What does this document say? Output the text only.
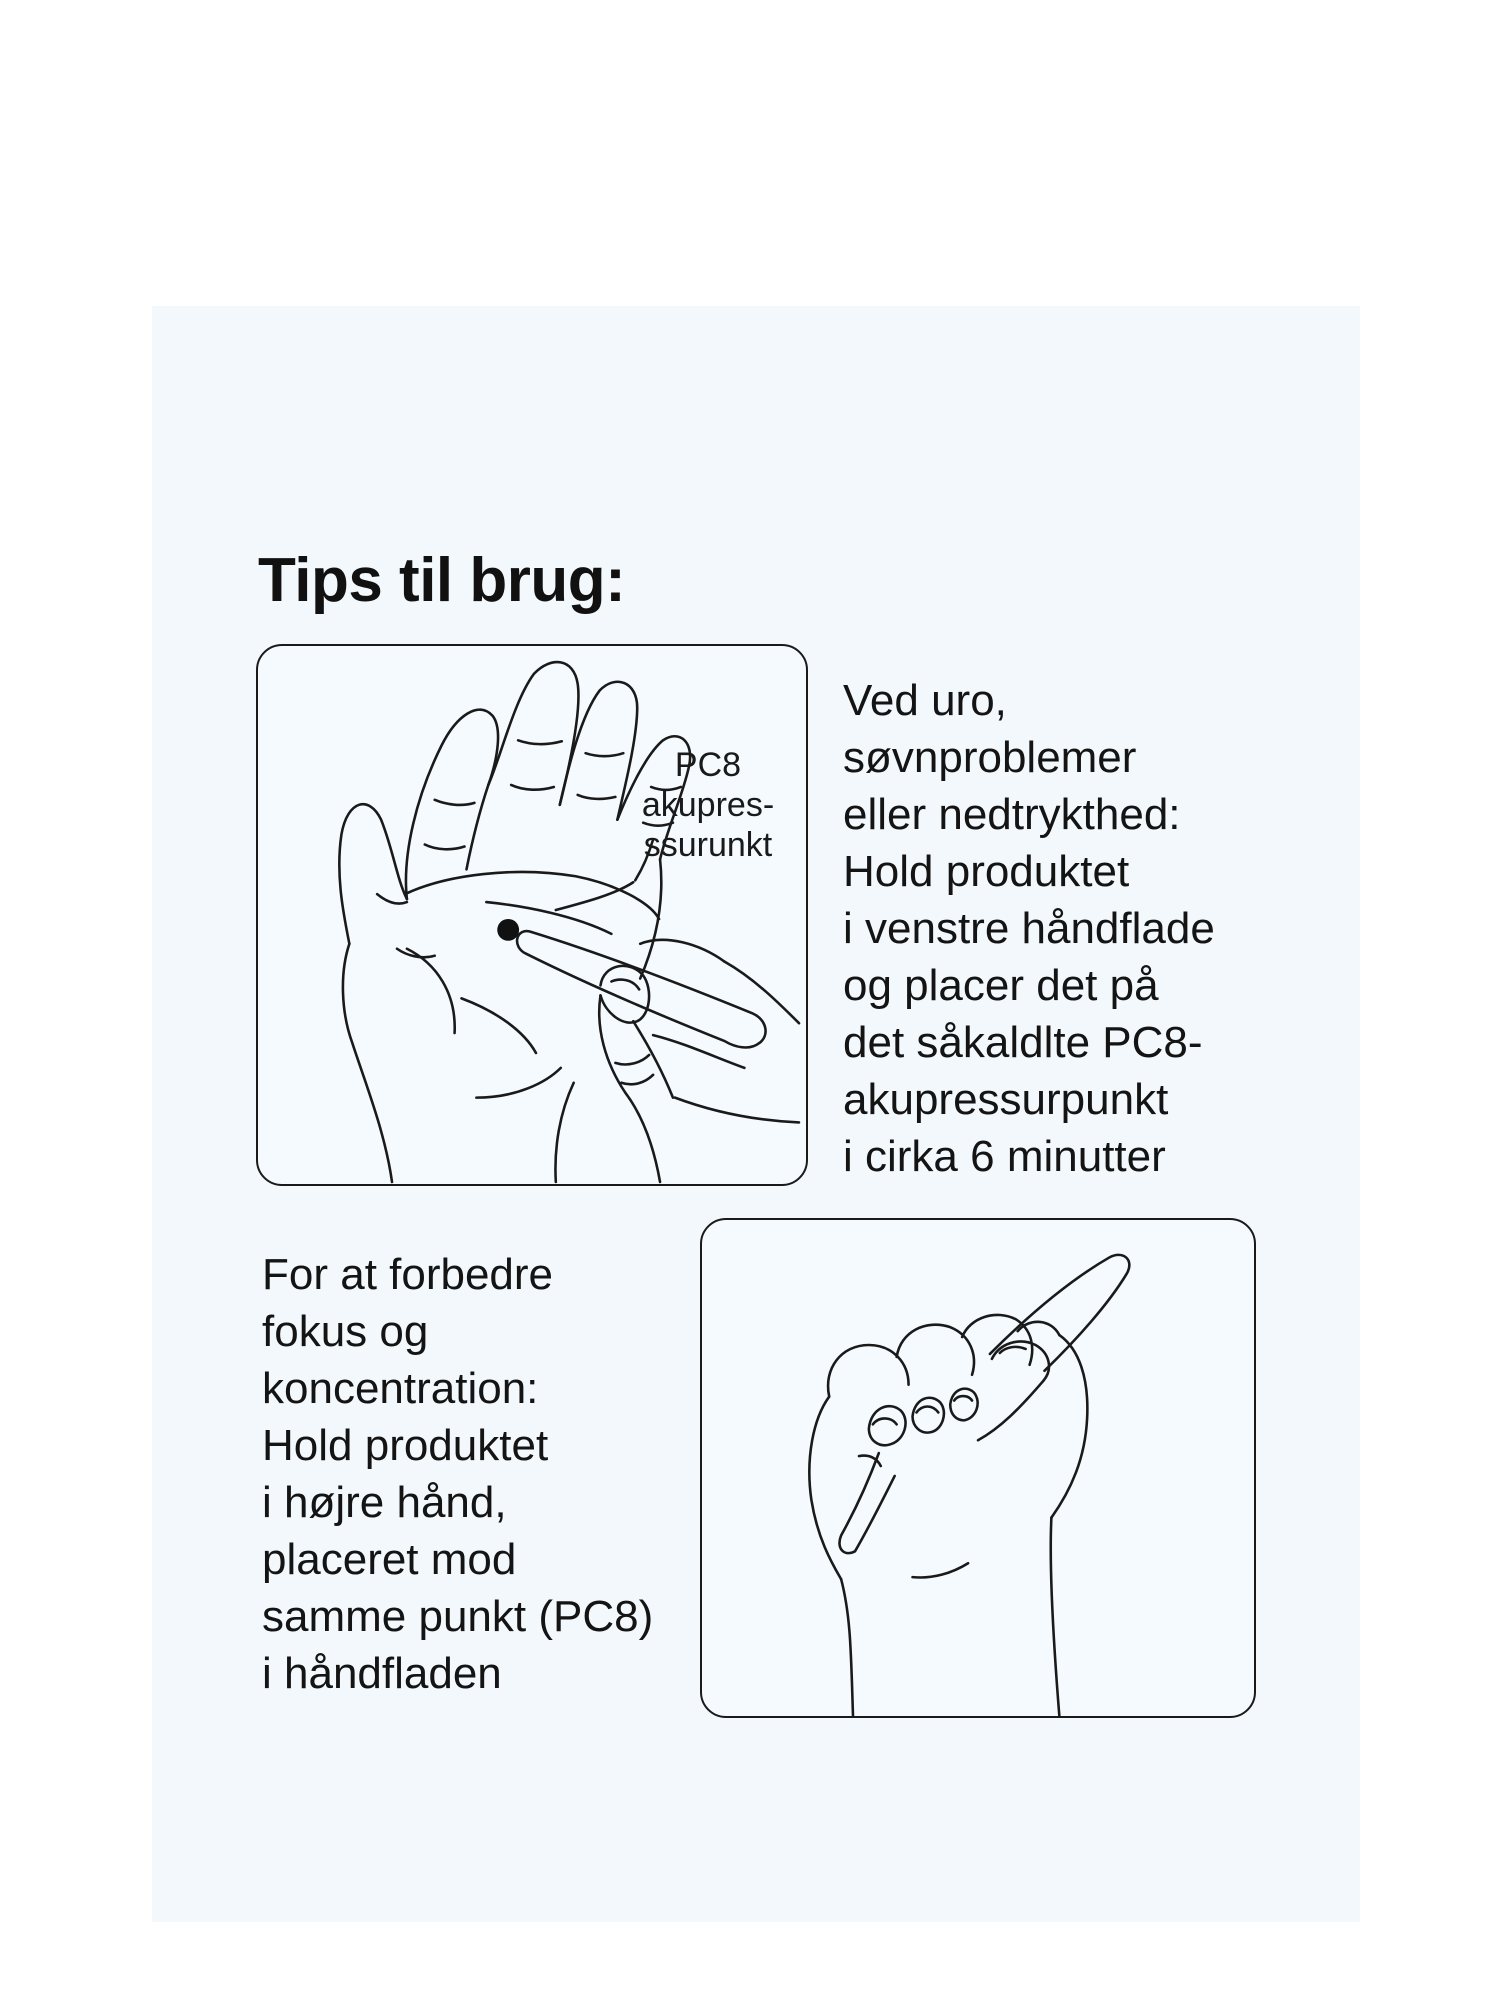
Tips til brug:
PC8
akupres-
ssurunkt
Ved uro,
søvnproblemer
eller nedtrykthed:
Hold produktet
i venstre håndflade
og placer det på
det såkaldlte PC8-
akupressurpunkt
i cirka 6 minutter
For at forbedre
fokus og
koncentration:
Hold produktet
i højre hånd,
placeret mod
samme punkt (PC8)
i håndfladen
